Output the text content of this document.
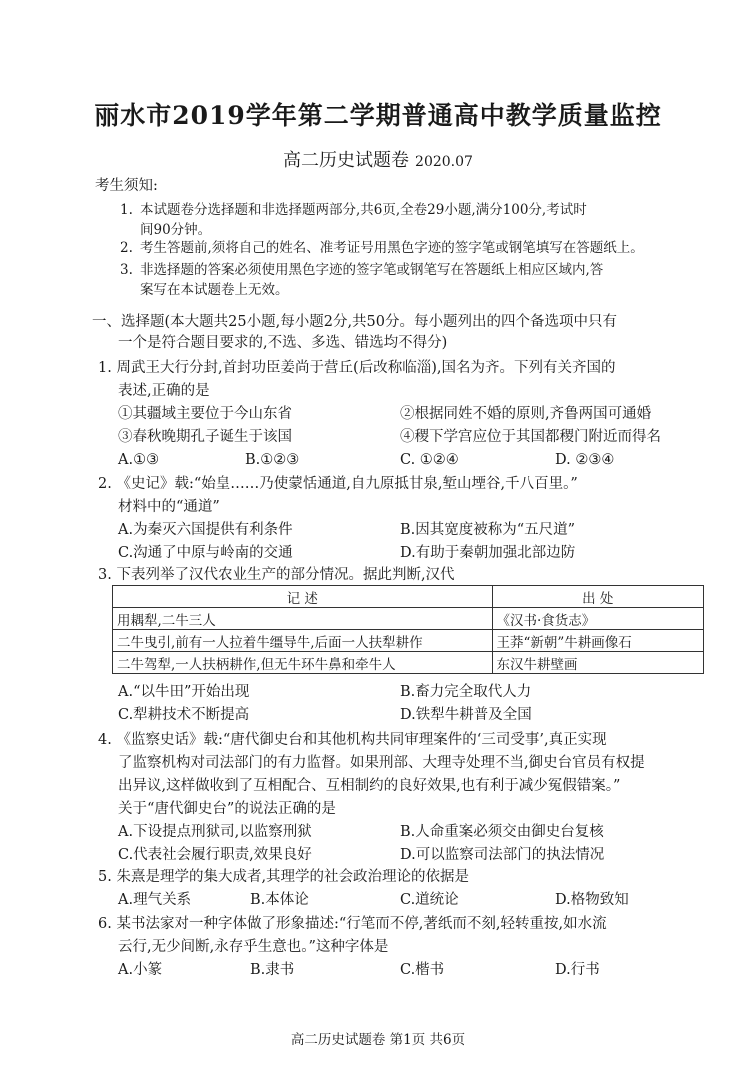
丽水市2019学年第二学期普通高中教学质量监控
高二历史试题卷 2020.07
考生须知:
1. 本试题卷分选择题和非选择题两部分,共6页,全卷29小题,满分100分,考试时
间90分钟。
2. 考生答题前,须将自己的姓名、准考证号用黑色字迹的签字笔或钢笔填写在答题纸上。
3. 非选择题的答案必须使用黑色字迹的签字笔或钢笔写在答题纸上相应区域内,答
案写在本试题卷上无效。
一、选择题(本大题共25小题,每小题2分,共50分。每小题列出的四个备选项中只有
一个是符合题目要求的,不选、多选、错选均不得分)
1. 周武王大行分封,首封功臣姜尚于营丘(后改称临淄),国名为齐。下列有关齐国的
表述,正确的是
①其疆域主要位于今山东省	②根据同姓不婚的原则,齐鲁两国可通婚
③春秋晚期孔子诞生于该国	④稷下学宫应位于其国都稷门附近而得名
A.①③	B.①②③	C. ①②④	D. ②③④
2. 《史记》载:“始皇……乃使蒙恬通道,自九原抵甘泉,堑山堙谷,千八百里。”
材料中的“通道”
A.为秦灭六国提供有利条件	B.因其宽度被称为“五尺道”
C.沟通了中原与岭南的交通	D.有助于秦朝加强北部边防
3. 下表列举了汉代农业生产的部分情况。据此判断,汉代
记 述	出 处
用耦犁,二牛三人	《汉书·食货志》
二牛曳引,前有一人拉着牛缰导牛,后面一人扶犁耕作	王莽“新朝”牛耕画像石
二牛驾犁,一人扶柄耕作,但无牛环牛鼻和牵牛人	东汉牛耕壁画
A.“以牛田”开始出现	B.畜力完全取代人力
C.犁耕技术不断提高	D.铁犁牛耕普及全国
4. 《监察史话》载:“唐代御史台和其他机构共同审理案件的‘三司受事’,真正实现
了监察机构对司法部门的有力监督。如果刑部、大理寺处理不当,御史台官员有权提
出异议,这样做收到了互相配合、互相制约的良好效果,也有利于减少冤假错案。”
关于“唐代御史台”的说法正确的是
A.下设提点刑狱司,以监察刑狱	B.人命重案必须交由御史台复核
C.代表社会履行职责,效果良好	D.可以监察司法部门的执法情况
5. 朱熹是理学的集大成者,其理学的社会政治理论的依据是
A.理气关系	B.本体论	C.道统论	D.格物致知
6. 某书法家对一种字体做了形象描述:“行笔而不停,著纸而不刻,轻转重按,如水流
云行,无少间断,永存乎生意也。”这种字体是
A.小篆	B.隶书	C.楷书	D.行书
高二历史试题卷 第1页 共6页
